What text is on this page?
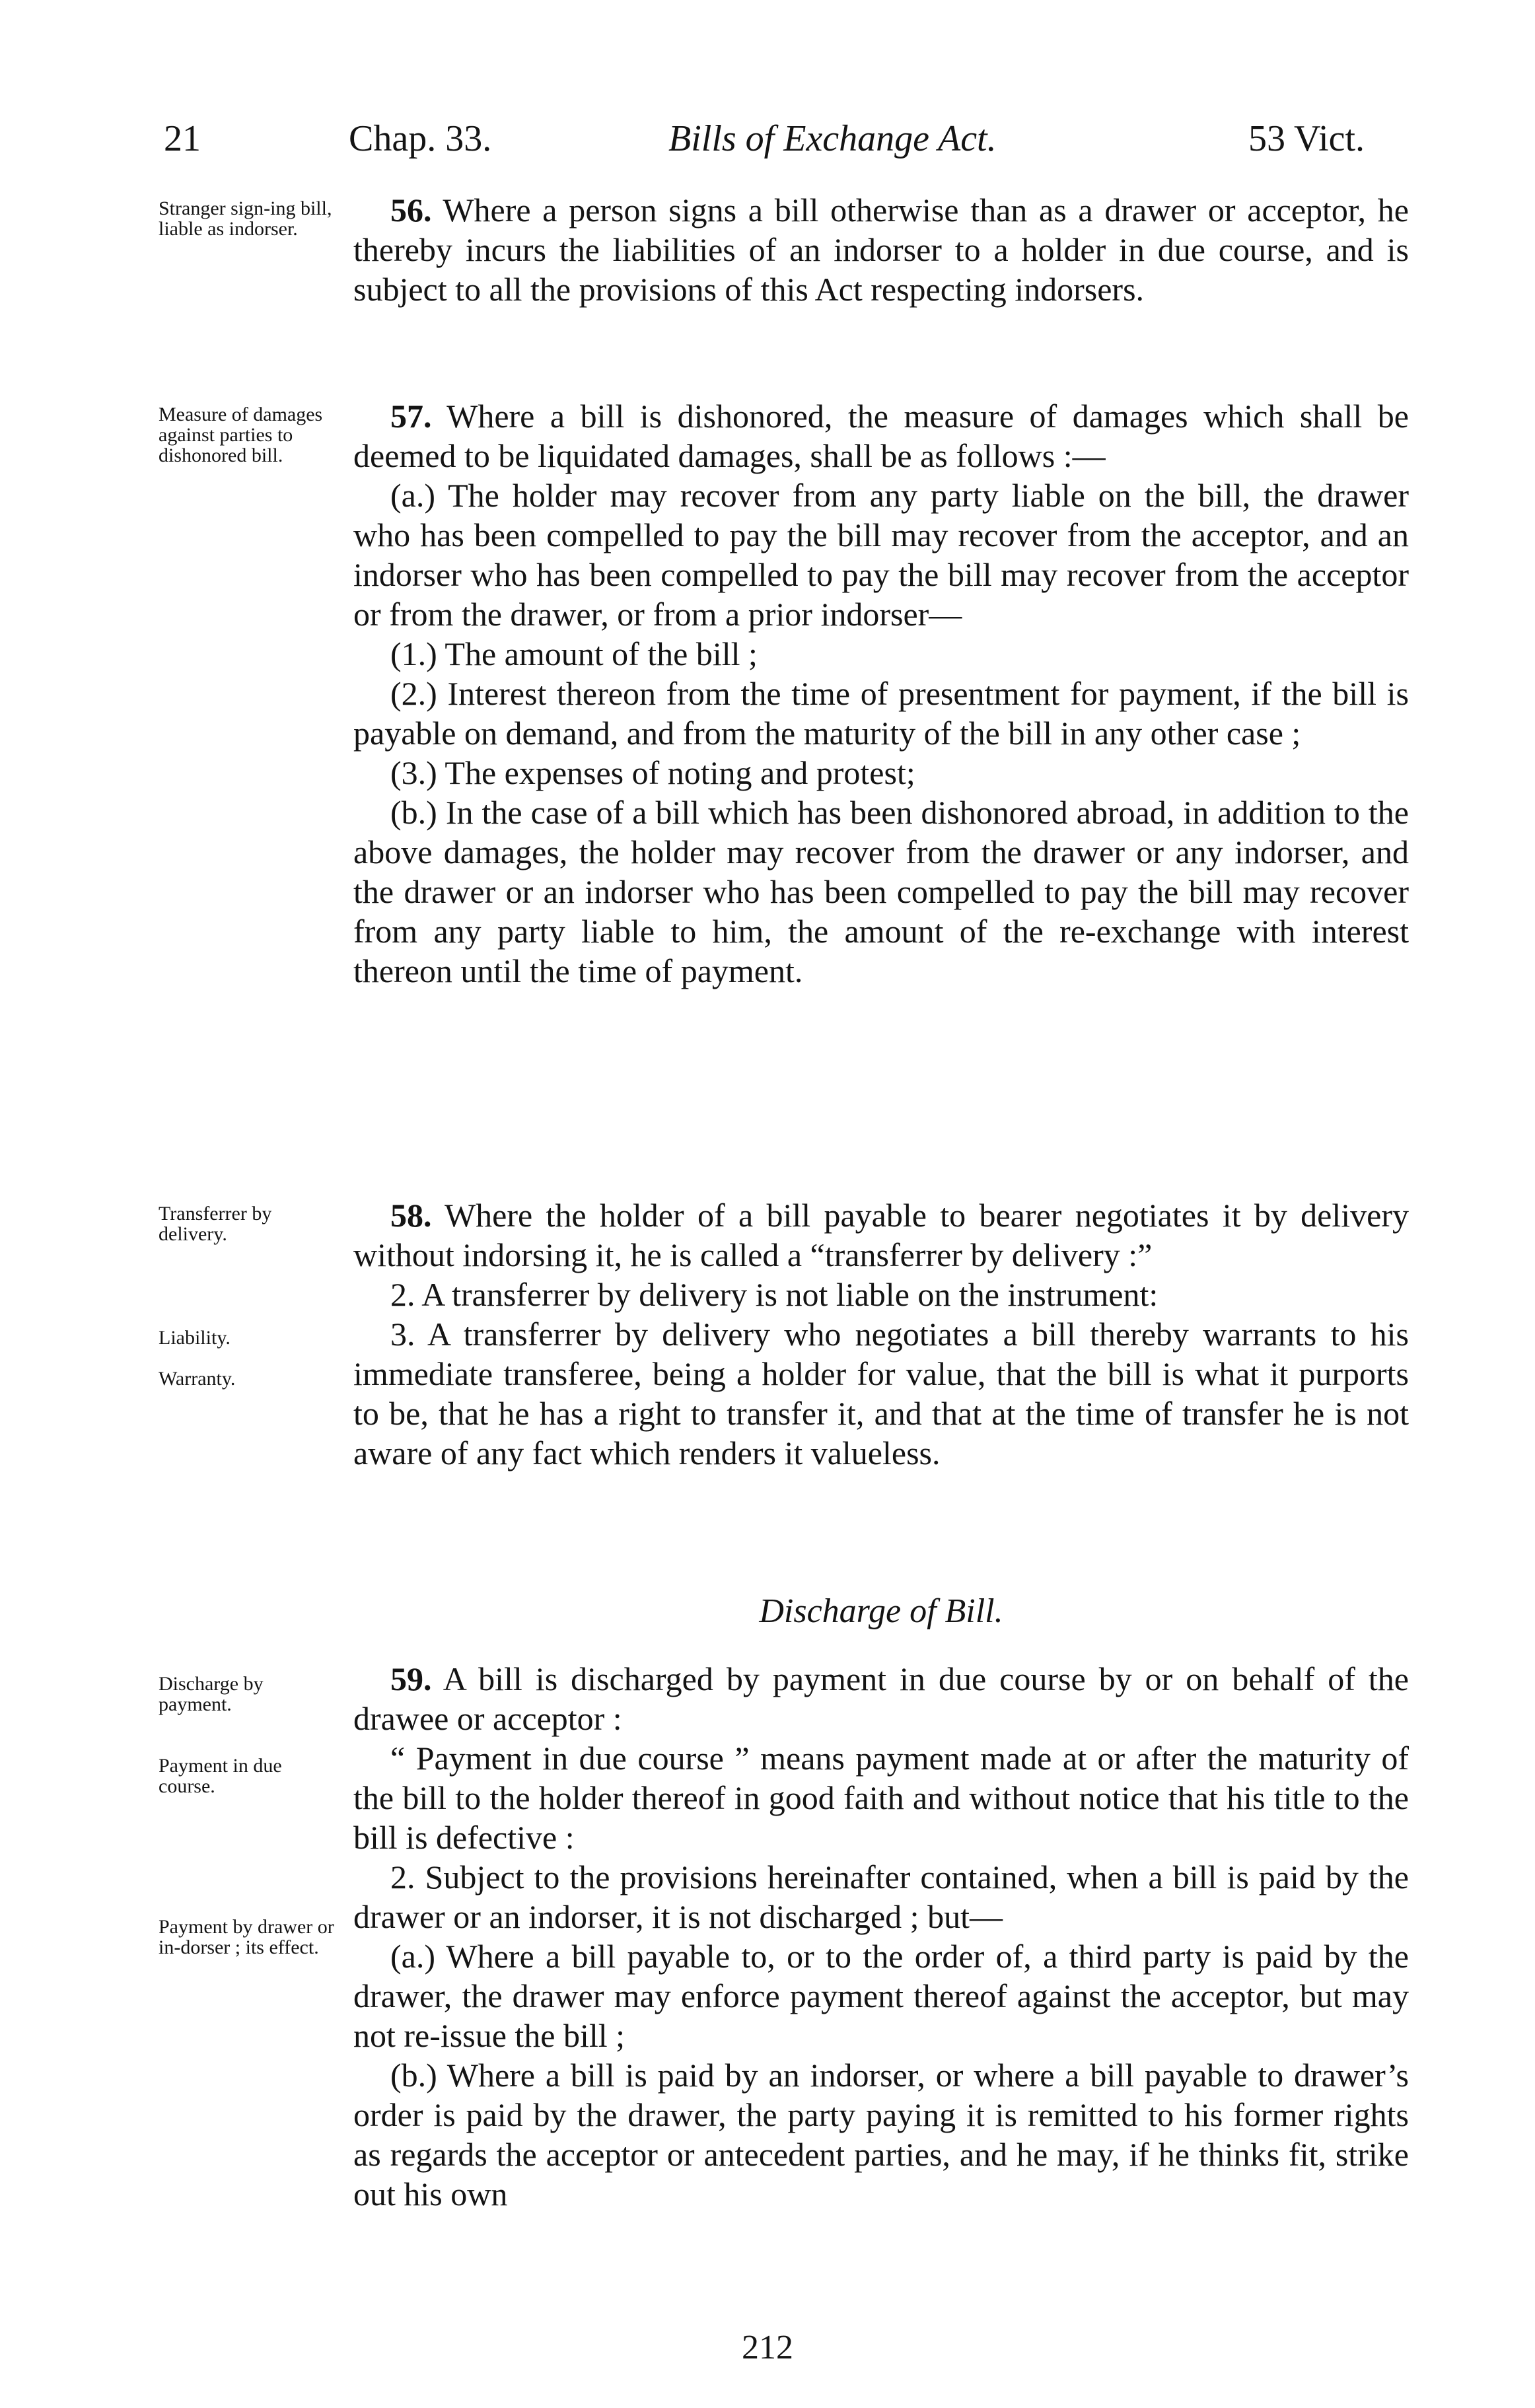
21	Chap. 33.	Bills of Exchange Act.	53 Vict.
Stranger sign-ing bill, liable as indorser.

56. Where a person signs a bill otherwise than as a drawer or acceptor, he thereby incurs the liabilities of an indorser to a holder in due course, and is subject to all the provisions of this Act respecting indorsers.

Measure of damages against parties to dishonored bill.

57. Where a bill is dishonored, the measure of damages which shall be deemed to be liquidated damages, shall be as follows :—

(a.) The holder may recover from any party liable on the bill, the drawer who has been compelled to pay the bill may recover from the acceptor, and an indorser who has been compelled to pay the bill may recover from the acceptor or from the drawer, or from a prior indorser—

(1.) The amount of the bill ;

(2.) Interest thereon from the time of presentment for payment, if the bill is payable on demand, and from the maturity of the bill in any other case ;

(3.) The expenses of noting and protest;

(b.) In the case of a bill which has been dishonored abroad, in addition to the above damages, the holder may recover from the drawer or any indorser, and the drawer or an indorser who has been compelled to pay the bill may recover from any party liable to him, the amount of the re-exchange with interest thereon until the time of payment.

Transferrer by delivery.
Liability.
Warranty.

58. Where the holder of a bill payable to bearer negotiates it by delivery without indorsing it, he is called a “transferrer by delivery :”

2. A transferrer by delivery is not liable on the instrument:

3. A transferrer by delivery who negotiates a bill thereby warrants to his immediate transferee, being a holder for value, that the bill is what it purports to be, that he has a right to transfer it, and that at the time of transfer he is not aware of any fact which renders it valueless.

Discharge of Bill.
Discharge by payment.
Payment in due course.
Payment by drawer or in-dorser ; its effect.

59. A bill is discharged by payment in due course by or on behalf of the drawee or acceptor :

“ Payment in due course ” means payment made at or after the maturity of the bill to the holder thereof in good faith and without notice that his title to the bill is defective :

2. Subject to the provisions hereinafter contained, when a bill is paid by the drawer or an indorser, it is not discharged ; but—

(a.) Where a bill payable to, or to the order of, a third party is paid by the drawer, the drawer may enforce payment thereof against the acceptor, but may not re-issue the bill ;

(b.) Where a bill is paid by an indorser, or where a bill payable to drawer’s order is paid by the drawer, the party paying it is remitted to his former rights as regards the acceptor or antecedent parties, and he may, if he thinks fit, strike out his own

212
